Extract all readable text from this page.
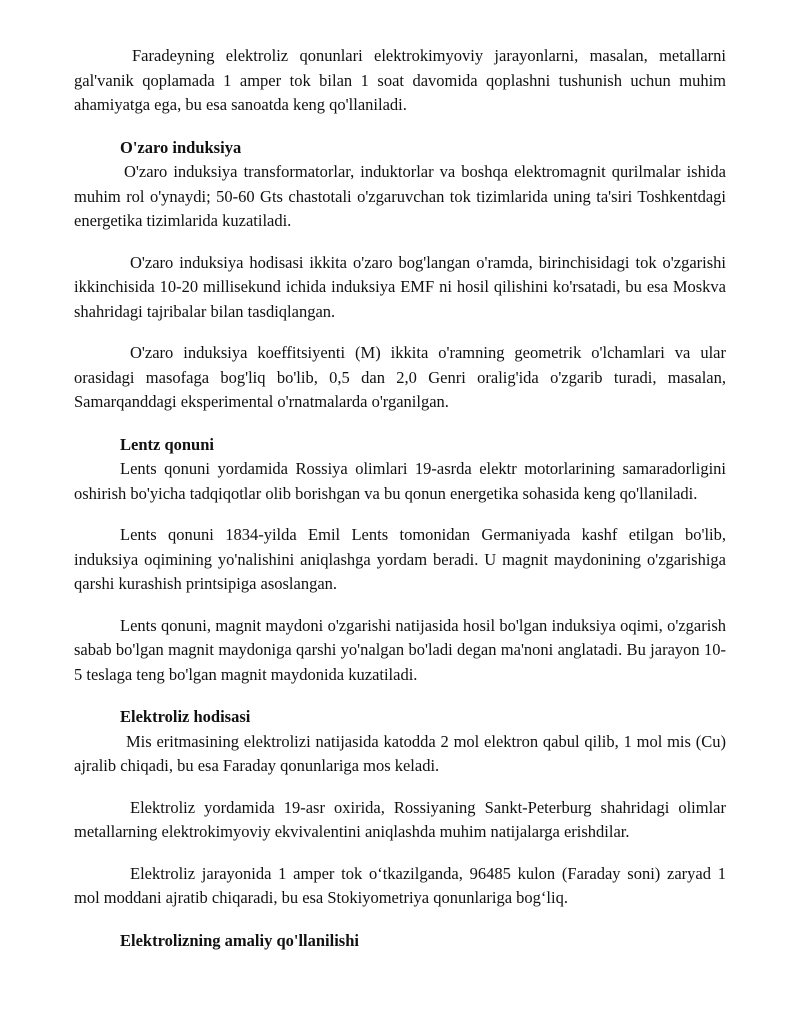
Faradeyning elektroliz qonunlari elektrokimyoviy jarayonlarni, masalan, metallarni gal'vanik qoplamada 1 amper tok bilan 1 soat davomida qoplashni tushunish uchun muhim ahamiyatga ega, bu esa sanoatda keng qo'llaniladi.

O'zaro induksiya

O'zaro induksiya transformatorlar, induktorlar va boshqa elektromagnit qurilmalar ishida muhim rol o'ynaydi; 50-60 Gts chastotali o'zgaruvchan tok tizimlarida uning ta'siri Toshkentdagi energetika tizimlarida kuzatiladi.

O'zaro induksiya hodisasi ikkita o'zaro bog'langan o'ramda, birinchisidagi tok o'zgarishi ikkinchisida 10-20 millisekund ichida induksiya EMF ni hosil qilishini ko'rsatadi, bu esa Moskva shahridagi tajribalar bilan tasdiqlangan.

O'zaro induksiya koeffitsiyenti (M) ikkita o'ramning geometrik o'lchamlari va ular orasidagi masofaga bog'liq bo'lib, 0,5 dan 2,0 Genri oralig'ida o'zgarib turadi, masalan, Samarqanddagi eksperimental o'rnatmalarda o'rganilgan.

Lentz qonuni

Lents qonuni yordamida Rossiya olimlari 19-asrda elektr motorlarining samaradorligini oshirish bo'yicha tadqiqotlar olib borishgan va bu qonun energetika sohasida keng qo'llaniladi.

Lents qonuni 1834-yilda Emil Lents tomonidan Germaniyada kashf etilgan bo'lib, induksiya oqimining yo'nalishini aniqlashga yordam beradi. U magnit maydonining o'zgarishiga qarshi kurashish printsipiga asoslangan.

Lents qonuni, magnit maydoni o'zgarishi natijasida hosil bo'lgan induksiya oqimi, o'zgarish sabab bo'lgan magnit maydoniga qarshi yo'nalgan bo'ladi degan ma'noni anglatadi. Bu jarayon 10-5 teslaga teng bo'lgan magnit maydonida kuzatiladi.

Elektroliz hodisasi

Mis eritmasining elektrolizi natijasida katodda 2 mol elektron qabul qilib, 1 mol mis (Cu) ajralib chiqadi, bu esa Faraday qonunlariga mos keladi.

Elektroliz yordamida 19-asr oxirida, Rossiyaning Sankt-Peterburg shahridagi olimlar metallarning elektrokimyoviy ekvivalentini aniqlashda muhim natijalarga erishdilar.

Elektroliz jarayonida 1 amper tok o‘tkazilganda, 96485 kulon (Faraday soni) zaryad 1 mol moddani ajratib chiqaradi, bu esa Stokiyometriya qonunlariga bog‘liq.

Elektrolizning amaliy qo'llanilishi
